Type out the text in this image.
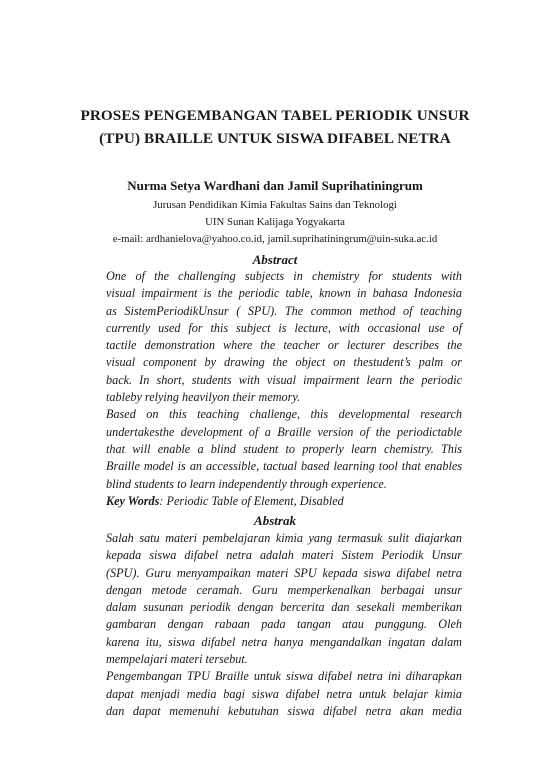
PROSES PENGEMBANGAN TABEL PERIODIK UNSUR
(TPU) BRAILLE UNTUK SISWA DIFABEL NETRA
Nurma Setya Wardhani dan Jamil Suprihatiningrum
Jurusan Pendidikan Kimia Fakultas Sains dan Teknologi
UIN Sunan Kalijaga Yogyakarta
e-mail: ardhanielova@yahoo.co.id, jamil.suprihatiningrum@uin-suka.ac.id
Abstract
One of the challenging subjects in chemistry for students with
visual impairment is the periodic table, known in bahasa Indonesia
as SistemPeriodikUnsur ( SPU). The common method of teaching
currently used for this subject is lecture, with occasional use of
tactile demonstration where the teacher or lecturer describes the
visual component by drawing the object on thestudent’s palm or
back. In short, students with visual impairment learn the periodic
tableby relying heavilyon their memory.
Based on this teaching challenge, this developmental research
undertakesthe development of a Braille version of the periodictable
that will enable a blind student to properly learn chemistry. This
Braille model is an accessible, tactual based learning tool that enables
blind students to learn independently through experience.
Key Words: Periodic Table of Element, Disabled
Abstrak
Salah satu materi pembelajaran kimia yang termasuk sulit diajarkan
kepada siswa difabel netra adalah materi Sistem Periodik Unsur
(SPU). Guru menyampaikan materi SPU kepada siswa difabel netra
dengan metode ceramah. Guru memperkenalkan berbagai unsur
dalam susunan periodik dengan bercerita dan sesekali memberikan
gambaran dengan rabaan pada tangan atau punggung. Oleh
karena itu, siswa difabel netra hanya mengandalkan ingatan dalam
mempelajari materi tersebut.
Pengembangan TPU Braille untuk siswa difabel netra ini diharapkan
dapat menjadi media bagi siswa difabel netra untuk belajar kimia
dan dapat memenuhi kebutuhan siswa difabel netra akan media
